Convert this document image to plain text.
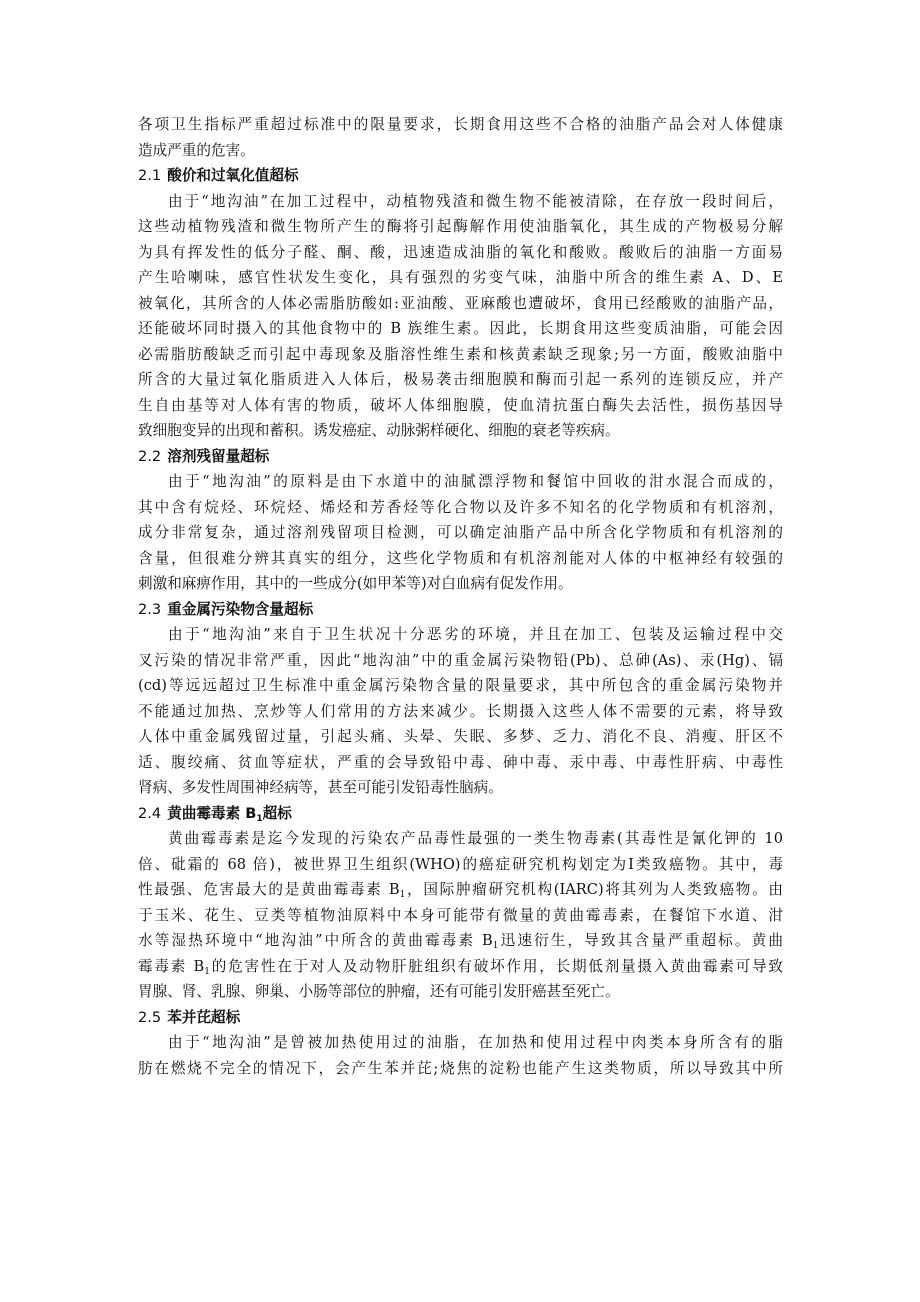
各项卫生指标严重超过标准中的限量要求，长期食用这些不合格的油脂产品会对人体健康
造成严重的危害。
2.1 酸价和过氧化值超标
由于“地沟油”在加工过程中，动植物残渣和微生物不能被清除，在存放一段时间后，
这些动植物残渣和微生物所产生的酶将引起酶解作用使油脂氧化，其生成的产物极易分解
为具有挥发性的低分子醛、酮、酸，迅速造成油脂的氧化和酸败。酸败后的油脂一方面易
产生哈喇味，感官性状发生变化，具有强烈的劣变气味，油脂中所含的维生素 A、D、E
被氧化，其所含的人体必需脂肪酸如:亚油酸、亚麻酸也遭破坏，食用已经酸败的油脂产品，
还能破坏同时摄入的其他食物中的 B 族维生素。因此，长期食用这些变质油脂，可能会因
必需脂肪酸缺乏而引起中毒现象及脂溶性维生素和核黄素缺乏现象;另一方面，酸败油脂中
所含的大量过氧化脂质进入人体后，极易袭击细胞膜和酶而引起一系列的连锁反应，并产
生自由基等对人体有害的物质，破坏人体细胞膜，使血清抗蛋白酶失去活性，损伤基因导
致细胞变异的出现和蓄积。诱发癌症、动脉粥样硬化、细胞的衰老等疾病。
2.2 溶剂残留量超标
由于“地沟油”的原料是由下水道中的油腻漂浮物和餐馆中回收的泔水混合而成的，
其中含有烷烃、环烷烃、烯烃和芳香烃等化合物以及许多不知名的化学物质和有机溶剂，
成分非常复杂，通过溶剂残留项目检测，可以确定油脂产品中所含化学物质和有机溶剂的
含量，但很难分辨其真实的组分，这些化学物质和有机溶剂能对人体的中枢神经有较强的
刺激和麻痹作用，其中的一些成分(如甲苯等)对白血病有促发作用。
2.3 重金属污染物含量超标
由于“地沟油”来自于卫生状况十分恶劣的环境，并且在加工、包装及运输过程中交
叉污染的情况非常严重，因此“地沟油”中的重金属污染物铅(Pb)、总砷(As)、汞(Hg)、镉
(cd)等远远超过卫生标准中重金属污染物含量的限量要求，其中所包含的重金属污染物并
不能通过加热、烹炒等人们常用的方法来减少。长期摄入这些人体不需要的元素，将导致
人体中重金属残留过量，引起头痛、头晕、失眠、多梦、乏力、消化不良、消瘦、肝区不
适、腹绞痛、贫血等症状，严重的会导致铅中毒、砷中毒、汞中毒、中毒性肝病、中毒性
肾病、多发性周围神经病等，甚至可能引发铅毒性脑病。
2.4 黄曲霉毒素 $B_1$超标
黄曲霉毒素是迄今发现的污染农产品毒性最强的一类生物毒素(其毒性是氰化钾的 10
倍、砒霜的 68 倍)，被世界卫生组织(WHO)的癌症研究机构划定为Ⅰ类致癌物。其中，毒
性最强、危害最大的是黄曲霉毒素 $B_1$，国际肿瘤研究机构(IARC)将其列为人类致癌物。由
于玉米、花生、豆类等植物油原料中本身可能带有微量的黄曲霉毒素，在餐馆下水道、泔
水等湿热环境中“地沟油”中所含的黄曲霉毒素 $B_1$迅速衍生，导致其含量严重超标。黄曲
霉毒素 $B_1$的危害性在于对人及动物肝脏组织有破坏作用，长期低剂量摄入黄曲霉素可导致
胃腺、肾、乳腺、卵巢、小肠等部位的肿瘤，还有可能引发肝癌甚至死亡。
2.5 苯并芘超标
由于“地沟油”是曾被加热使用过的油脂，在加热和使用过程中肉类本身所含有的脂
肪在燃烧不完全的情况下，会产生苯并芘;烧焦的淀粉也能产生这类物质，所以导致其中所
